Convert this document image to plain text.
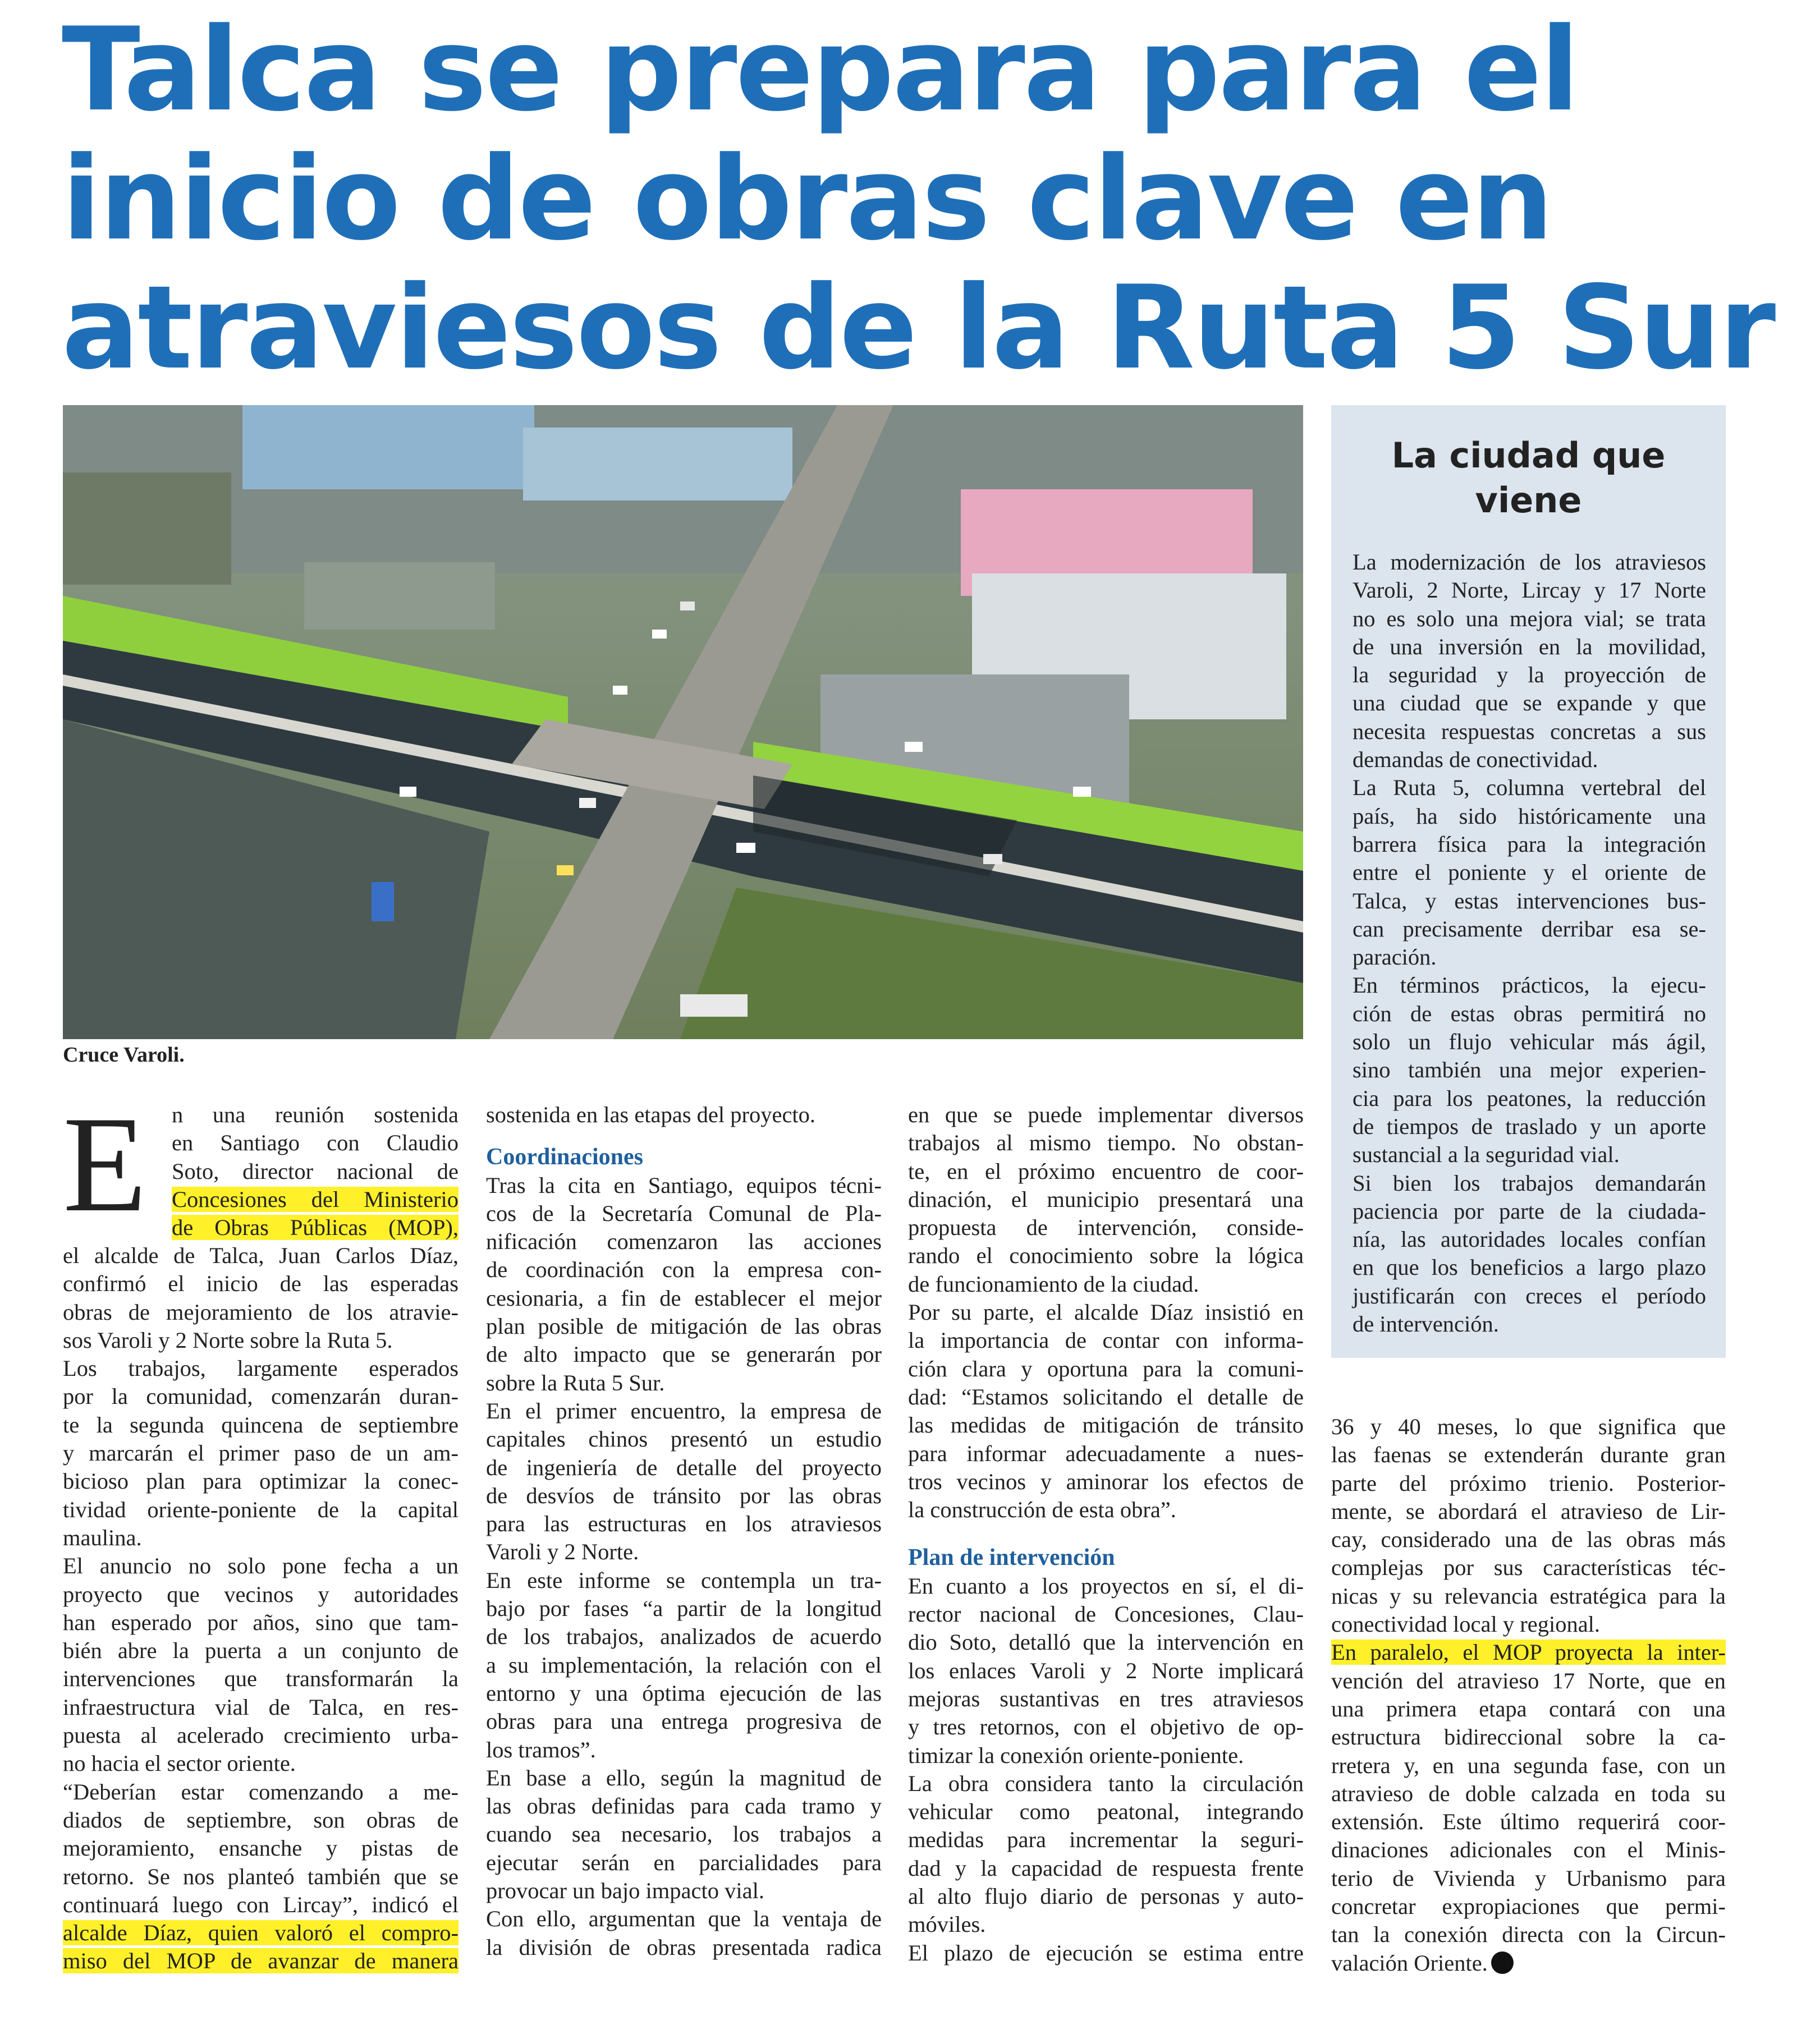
Talca se prepara para el
inicio de obras clave en
atraviesos de la Ruta 5 Sur
Cruce Varoli.
E n una reunión sostenida
en Santiago con Claudio
Soto, director nacional de
Concesiones del Ministerio
de Obras Públicas (MOP),
el alcalde de Talca, Juan Carlos Díaz,
confirmó el inicio de las esperadas
obras de mejoramiento de los atravie-
sos Varoli y 2 Norte sobre la Ruta 5.
Los trabajos, largamente esperados
por la comunidad, comenzarán duran-
te la segunda quincena de septiembre
y marcarán el primer paso de un am-
bicioso plan para optimizar la conec-
tividad oriente-poniente de la capital
maulina.
El anuncio no solo pone fecha a un
proyecto que vecinos y autoridades
han esperado por años, sino que tam-
bién abre la puerta a un conjunto de
intervenciones que transformarán la
infraestructura vial de Talca, en res-
puesta al acelerado crecimiento urba-
no hacia el sector oriente.
“Deberían estar comenzando a me-
diados de septiembre, son obras de
mejoramiento, ensanche y pistas de
retorno. Se nos planteó también que se
continuará luego con Lircay”, indicó el
alcalde Díaz, quien valoró el compro-
miso del MOP de avanzar de manera
sostenida en las etapas del proyecto.
Coordinaciones
Tras la cita en Santiago, equipos técni-
cos de la Secretaría Comunal de Pla-
nificación comenzaron las acciones
de coordinación con la empresa con-
cesionaria, a fin de establecer el mejor
plan posible de mitigación de las obras
de alto impacto que se generarán por
sobre la Ruta 5 Sur.
En el primer encuentro, la empresa de
capitales chinos presentó un estudio
de ingeniería de detalle del proyecto
de desvíos de tránsito por las obras
para las estructuras en los atraviesos
Varoli y 2 Norte.
En este informe se contempla un tra-
bajo por fases “a partir de la longitud
de los trabajos, analizados de acuerdo
a su implementación, la relación con el
entorno y una óptima ejecución de las
obras para una entrega progresiva de
los tramos”.
En base a ello, según la magnitud de
las obras definidas para cada tramo y
cuando sea necesario, los trabajos a
ejecutar serán en parcialidades para
provocar un bajo impacto vial.
Con ello, argumentan que la ventaja de
la división de obras presentada radica
en que se puede implementar diversos
trabajos al mismo tiempo. No obstan-
te, en el próximo encuentro de coor-
dinación, el municipio presentará una
propuesta de intervención, conside-
rando el conocimiento sobre la lógica
de funcionamiento de la ciudad.
Por su parte, el alcalde Díaz insistió en
la importancia de contar con informa-
ción clara y oportuna para la comuni-
dad: “Estamos solicitando el detalle de
las medidas de mitigación de tránsito
para informar adecuadamente a nues-
tros vecinos y aminorar los efectos de
la construcción de esta obra”.
Plan de intervención
En cuanto a los proyectos en sí, el di-
rector nacional de Concesiones, Clau-
dio Soto, detalló que la intervención en
los enlaces Varoli y 2 Norte implicará
mejoras sustantivas en tres atraviesos
y tres retornos, con el objetivo de op-
timizar la conexión oriente-poniente.
La obra considera tanto la circulación
vehicular como peatonal, integrando
medidas para incrementar la seguri-
dad y la capacidad de respuesta frente
al alto flujo diario de personas y auto-
móviles.
El plazo de ejecución se estima entre
La ciudad que
viene
La modernización de los atraviesos
Varoli, 2 Norte, Lircay y 17 Norte
no es solo una mejora vial; se trata
de una inversión en la movilidad,
la seguridad y la proyección de
una ciudad que se expande y que
necesita respuestas concretas a sus
demandas de conectividad.
La Ruta 5, columna vertebral del
país, ha sido históricamente una
barrera física para la integración
entre el poniente y el oriente de
Talca, y estas intervenciones bus-
can precisamente derribar esa se-
paración.
En términos prácticos, la ejecu-
ción de estas obras permitirá no
solo un flujo vehicular más ágil,
sino también una mejor experien-
cia para los peatones, la reducción
de tiempos de traslado y un aporte
sustancial a la seguridad vial.
Si bien los trabajos demandarán
paciencia por parte de la ciudada-
nía, las autoridades locales confían
en que los beneficios a largo plazo
justificarán con creces el período
de intervención.
36 y 40 meses, lo que significa que
las faenas se extenderán durante gran
parte del próximo trienio. Posterior-
mente, se abordará el atravieso de Lir-
cay, considerado una de las obras más
complejas por sus características téc-
nicas y su relevancia estratégica para la
conectividad local y regional.
En paralelo, el MOP proyecta la inter-
vención del atravieso 17 Norte, que en
una primera etapa contará con una
estructura bidireccional sobre la ca-
rretera y, en una segunda fase, con un
atravieso de doble calzada en toda su
extensión. Este último requerirá coor-
dinaciones adicionales con el Minis-
terio de Vivienda y Urbanismo para
concretar expropiaciones que permi-
tan la conexión directa con la Circun-
valación Oriente.
